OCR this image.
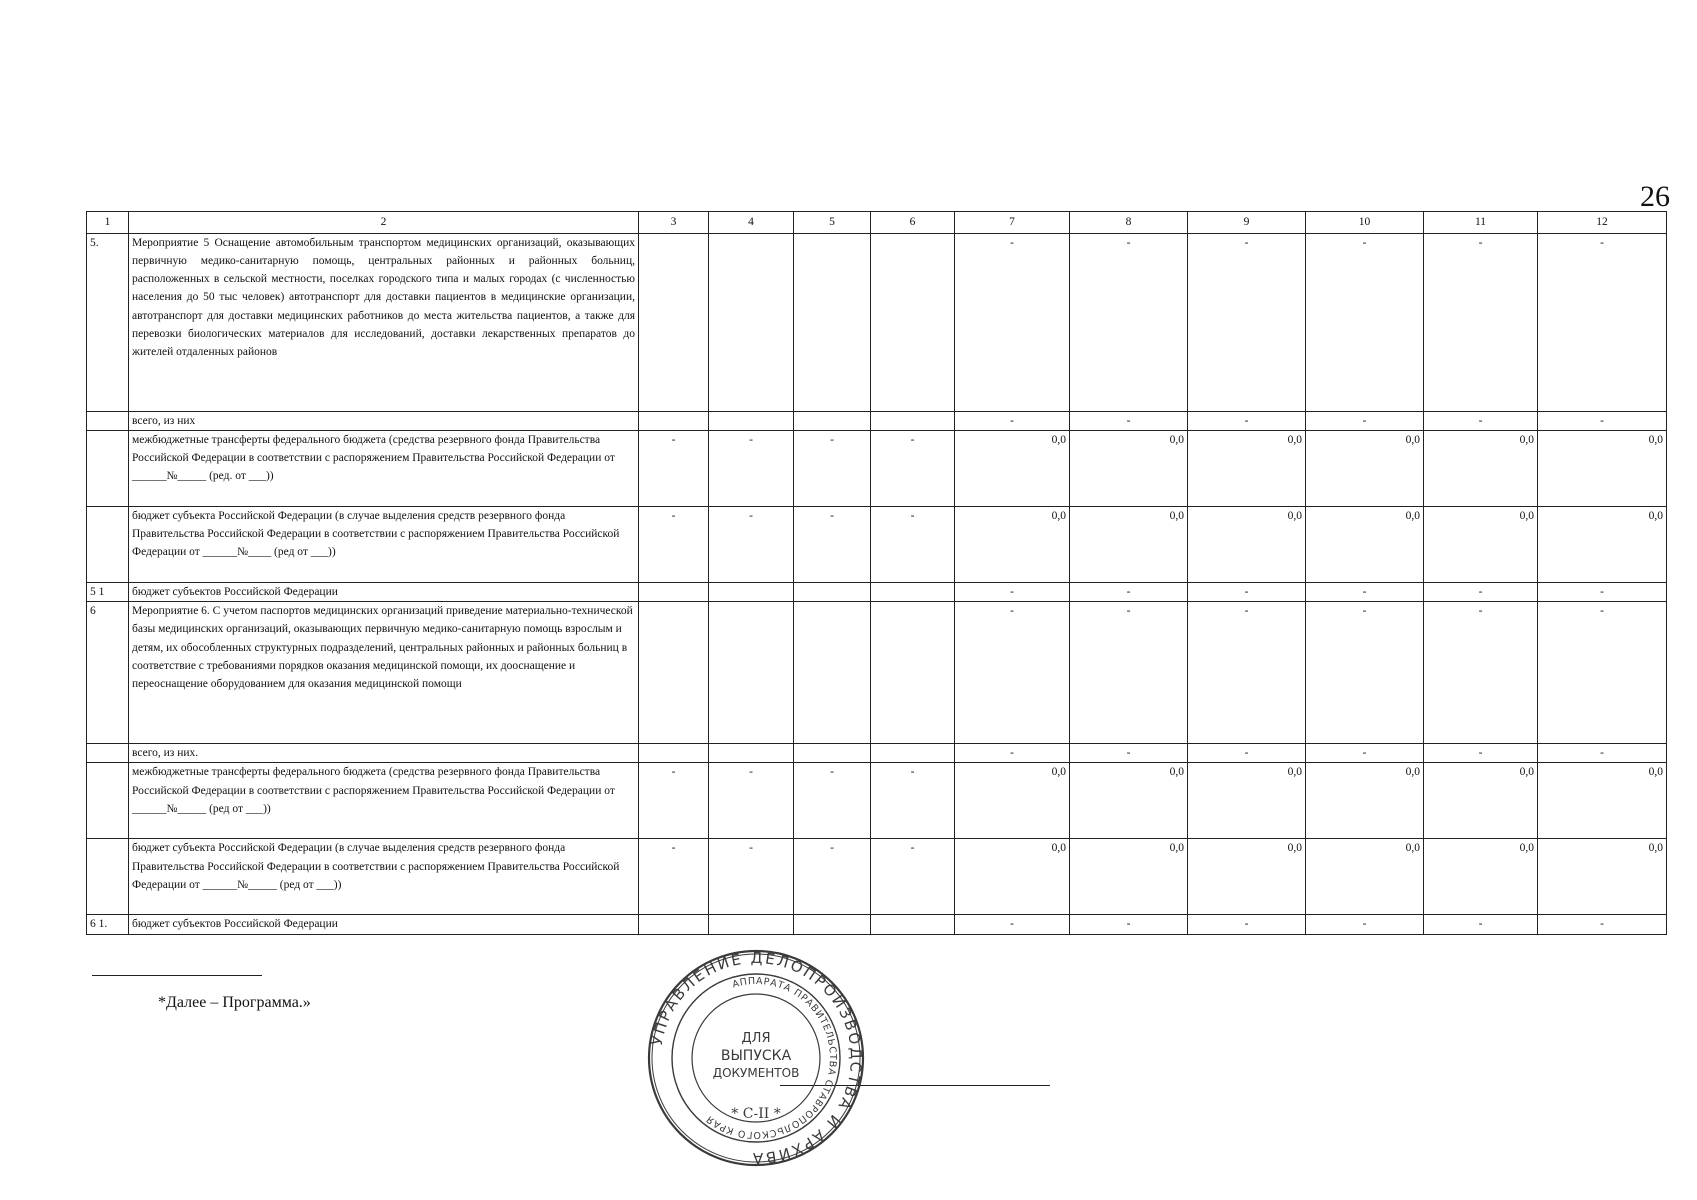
26
1	2	3	4	5	6	7	8	9	10	11	12
5.	Мероприятие 5 Оснащение автомобильным транспортом медицинских организаций, оказывающих первичную медико-санитарную помощь, центральных районных и районных больниц, расположенных в сельской местности, поселках городского типа и малых городах (с численностью населения до 50 тыс человек) автотранспорт для доставки пациентов в медицинские организации, автотранспорт для доставки медицинских работников до места жительства пациентов, а также для перевозки биологических материалов для исследований, доставки лекарственных препаратов до жителей отдаленных районов					-	-	-	-	-	-
	всего, из них					-	-	-	-	-	-
	межбюджетные трансферты федерального бюджета (средства резервного фонда Правительства Российской Федерации в соответствии с распоряжением Правительства Российской Федерации от ______№_____ (ред. от ___))	-	-	-	-	0,0	0,0	0,0	0,0	0,0	0,0
	бюджет субъекта Российской Федерации (в случае выделения средств резервного фонда Правительства Российской Федерации в соответствии с распоряжением Правительства Российской Федерации от ______№____ (ред от ___))	-	-	-	-	0,0	0,0	0,0	0,0	0,0	0,0
5 1	бюджет субъектов Российской Федерации					-	-	-	-	-	-
6	Мероприятие 6. С учетом паспортов медицинских организаций приведение материально-технической базы медицинских организаций, оказывающих первичную медико-санитарную помощь взрослым и детям, их обособленных структурных подразделений, центральных районных и районных больниц в соответствие с требованиями порядков оказания медицинской помощи, их дооснащение и переоснащение оборудованием для оказания медицинской помощи					-	-	-	-	-	-
	всего, из них.					-	-	-	-	-	-
	межбюджетные трансферты федерального бюджета (средства резервного фонда Правительства Российской Федерации в соответствии с распоряжением Правительства Российской Федерации от ______№_____ (ред от ___))	-	-	-	-	0,0	0,0	0,0	0,0	0,0	0,0
	бюджет субъекта Российской Федерации (в случае выделения средств резервного фонда Правительства Российской Федерации в соответствии с распоряжением Правительства Российской Федерации от ______№_____ (ред от ___))	-	-	-	-	0,0	0,0	0,0	0,0	0,0	0,0
6 1.	бюджет субъектов Российской Федерации					-	-	-	-	-	-
*Далее – Программа.»
УПРАВЛЕНИЕ ДЕЛОПРОИЗВОДСТВА И АРХИВА
АППАРАТА ПРАВИТЕЛЬСТВА СТАВРОПОЛЬСКОГО КРАЯ
ДЛЯ
ВЫПУСКА
ДОКУМЕНТОВ
* С-II *
